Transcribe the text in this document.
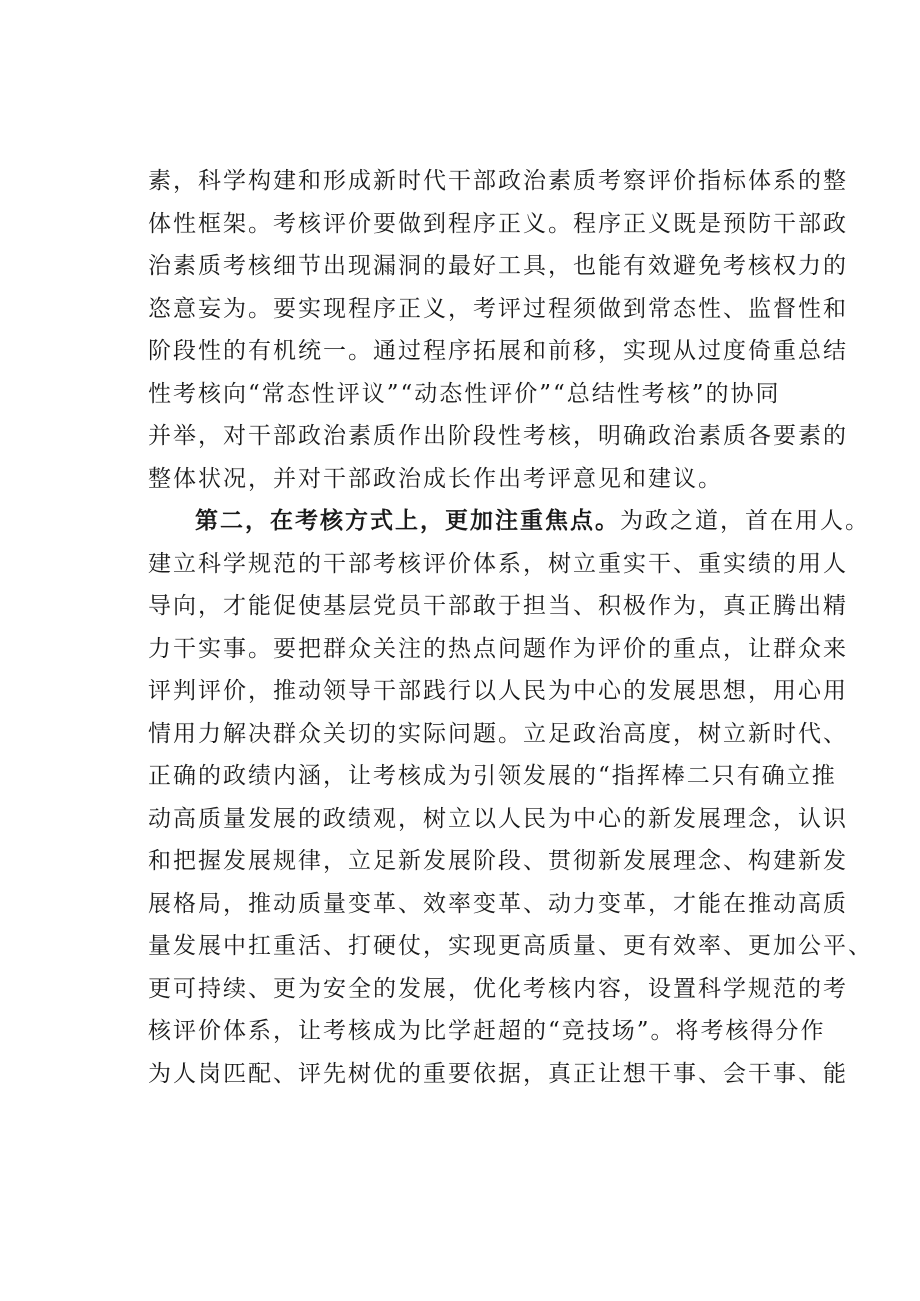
素，科学构建和形成新时代干部政治素质考察评价指标体系的整
体性框架。考核评价要做到程序正义。程序正义既是预防干部政
治素质考核细节出现漏洞的最好工具，也能有效避免考核权力的
恣意妄为。要实现程序正义，考评过程须做到常态性、监督性和
阶段性的有机统一。通过程序拓展和前移，实现从过度倚重总结
性考核向“常态性评议”“动态性评价”“总结性考核”的协同
并举，对干部政治素质作出阶段性考核，明确政治素质各要素的
整体状况，并对干部政治成长作出考评意见和建议。
第二，在考核方式上，更加注重焦点。为政之道，首在用人。
建立科学规范的干部考核评价体系，树立重实干、重实绩的用人
导向，才能促使基层党员干部敢于担当、积极作为，真正腾出精
力干实事。要把群众关注的热点问题作为评价的重点，让群众来
评判评价，推动领导干部践行以人民为中心的发展思想，用心用
情用力解决群众关切的实际问题。立足政治高度，树立新时代、
正确的政绩内涵，让考核成为引领发展的“指挥棒二只有确立推
动高质量发展的政绩观，树立以人民为中心的新发展理念，认识
和把握发展规律，立足新发展阶段、贯彻新发展理念、构建新发
展格局，推动质量变革、效率变革、动力变革，才能在推动高质
量发展中扛重活、打硬仗，实现更高质量、更有效率、更加公平、
更可持续、更为安全的发展，优化考核内容，设置科学规范的考
核评价体系，让考核成为比学赶超的“竞技场”。将考核得分作
为人岗匹配、评先树优的重要依据，真正让想干事、会干事、能
